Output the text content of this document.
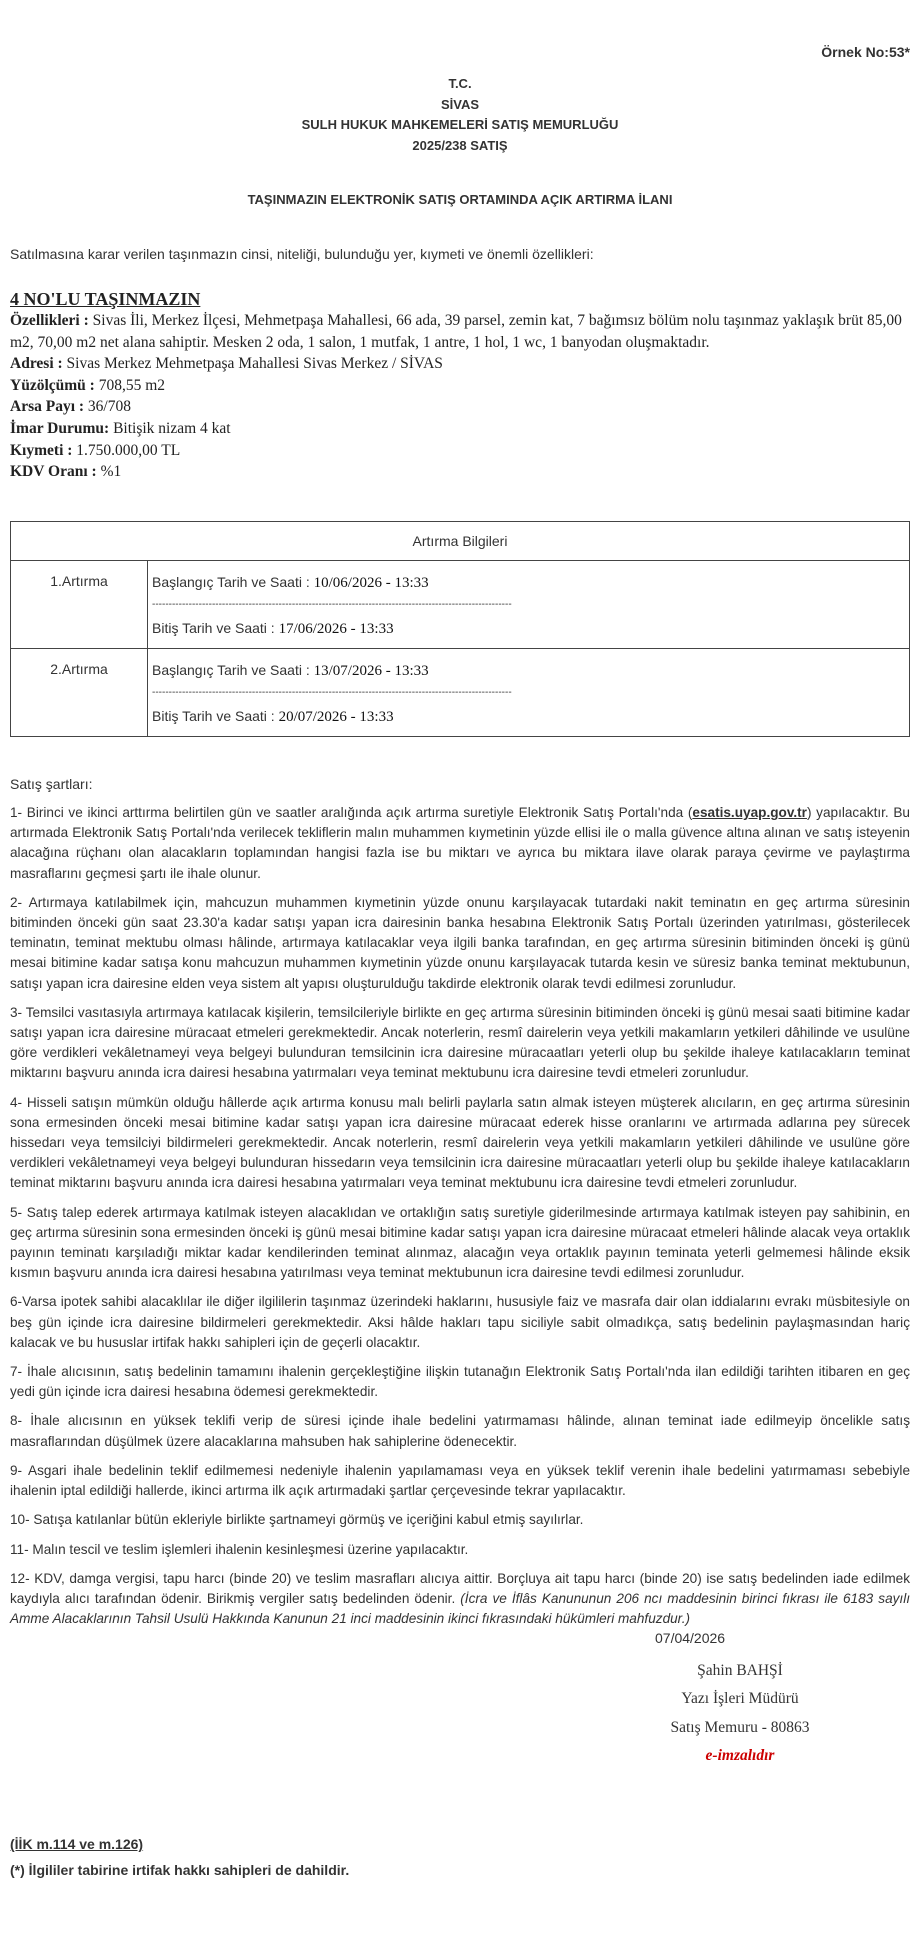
Örnek No:53*
T.C.
SİVAS
SULH HUKUK MAHKEMELERİ SATIŞ MEMURLUĞU
2025/238 SATIŞ
TAŞINMAZIN ELEKTRONİK SATIŞ ORTAMINDA AÇIK ARTIRMA İLANI
Satılmasına karar verilen taşınmazın cinsi, niteliği, bulunduğu yer, kıymeti ve önemli özellikleri:
4 NO'LU TAŞINMAZIN
Özellikleri : Sivas İli, Merkez İlçesi, Mehmetpaşa Mahallesi, 66 ada, 39 parsel, zemin kat, 7 bağımsız bölüm nolu taşınmaz yaklaşık brüt 85,00 m2, 70,00 m2 net alana sahiptir. Mesken 2 oda, 1 salon, 1 mutfak, 1 antre, 1 hol, 1 wc, 1 banyodan oluşmaktadır.
Adresi : Sivas Merkez Mehmetpaşa Mahallesi Sivas Merkez / SİVAS
Yüzölçümü : 708,55 m2
Arsa Payı : 36/708
İmar Durumu: Bitişik nizam 4 kat
Kıymeti : 1.750.000,00 TL
KDV Oranı : %1
Artırma Bilgileri	
1.Artırma	Başlangıç Tarih ve Saati : 10/06/2026 - 13:33
------------------------------------------------------------------------------------------------------------
Bitiş Tarih ve Saati : 17/06/2026 - 13:33

2.Artırma	Başlangıç Tarih ve Saati : 13/07/2026 - 13:33
------------------------------------------------------------------------------------------------------------
Bitiş Tarih ve Saati : 20/07/2026 - 13:33
Satış şartları:

1- Birinci ve ikinci arttırma belirtilen gün ve saatler aralığında açık artırma suretiyle Elektronik Satış Portalı'nda (esatis.uyap.gov.tr) yapılacaktır. Bu artırmada Elektronik Satış Portalı'nda verilecek tekliflerin malın muhammen kıymetinin yüzde ellisi ile o malla güvence altına alınan ve satış isteyenin alacağına rüçhanı olan alacakların toplamından hangisi fazla ise bu miktarı ve ayrıca bu miktara ilave olarak paraya çevirme ve paylaştırma masraflarını geçmesi şartı ile ihale olunur.

2- Artırmaya katılabilmek için, mahcuzun muhammen kıymetinin yüzde onunu karşılayacak tutardaki nakit teminatın en geç artırma süresinin bitiminden önceki gün saat 23.30'a kadar satışı yapan icra dairesinin banka hesabına Elektronik Satış Portalı üzerinden yatırılması, gösterilecek teminatın, teminat mektubu olması hâlinde, artırmaya katılacaklar veya ilgili banka tarafından, en geç artırma süresinin bitiminden önceki iş günü mesai bitimine kadar satışa konu mahcuzun muhammen kıymetinin yüzde onunu karşılayacak tutarda kesin ve süresiz banka teminat mektubunun, satışı yapan icra dairesine elden veya sistem alt yapısı oluşturulduğu takdirde elektronik olarak tevdi edilmesi zorunludur.

3- Temsilci vasıtasıyla artırmaya katılacak kişilerin, temsilcileriyle birlikte en geç artırma süresinin bitiminden önceki iş günü mesai saati bitimine kadar satışı yapan icra dairesine müracaat etmeleri gerekmektedir. Ancak noterlerin, resmî dairelerin veya yetkili makamların yetkileri dâhilinde ve usulüne göre verdikleri vekâletnameyi veya belgeyi bulunduran temsilcinin icra dairesine müracaatları yeterli olup bu şekilde ihaleye katılacakların teminat miktarını başvuru anında icra dairesi hesabına yatırmaları veya teminat mektubunu icra dairesine tevdi etmeleri zorunludur.

4- Hisseli satışın mümkün olduğu hâllerde açık artırma konusu malı belirli paylarla satın almak isteyen müşterek alıcıların, en geç artırma süresinin sona ermesinden önceki mesai bitimine kadar satışı yapan icra dairesine müracaat ederek hisse oranlarını ve artırmada adlarına pey sürecek hissedarı veya temsilciyi bildirmeleri gerekmektedir. Ancak noterlerin, resmî dairelerin veya yetkili makamların yetkileri dâhilinde ve usulüne göre verdikleri vekâletnameyi veya belgeyi bulunduran hissedarın veya temsilcinin icra dairesine müracaatları yeterli olup bu şekilde ihaleye katılacakların teminat miktarını başvuru anında icra dairesi hesabına yatırmaları veya teminat mektubunu icra dairesine tevdi etmeleri zorunludur.

5- Satış talep ederek artırmaya katılmak isteyen alacaklıdan ve ortaklığın satış suretiyle giderilmesinde artırmaya katılmak isteyen pay sahibinin, en geç artırma süresinin sona ermesinden önceki iş günü mesai bitimine kadar satışı yapan icra dairesine müracaat etmeleri hâlinde alacak veya ortaklık payının teminatı karşıladığı miktar kadar kendilerinden teminat alınmaz, alacağın veya ortaklık payının teminata yeterli gelmemesi hâlinde eksik kısmın başvuru anında icra dairesi hesabına yatırılması veya teminat mektubunun icra dairesine tevdi edilmesi zorunludur.

6-Varsa ipotek sahibi alacaklılar ile diğer ilgililerin taşınmaz üzerindeki haklarını, hususiyle faiz ve masrafa dair olan iddialarını evrakı müsbitesiyle on beş gün içinde icra dairesine bildirmeleri gerekmektedir. Aksi hâlde hakları tapu siciliyle sabit olmadıkça, satış bedelinin paylaşmasından hariç kalacak ve bu hususlar irtifak hakkı sahipleri için de geçerli olacaktır.

7- İhale alıcısının, satış bedelinin tamamını ihalenin gerçekleştiğine ilişkin tutanağın Elektronik Satış Portalı'nda ilan edildiği tarihten itibaren en geç yedi gün içinde icra dairesi hesabına ödemesi gerekmektedir.

8- İhale alıcısının en yüksek teklifi verip de süresi içinde ihale bedelini yatırmaması hâlinde, alınan teminat iade edilmeyip öncelikle satış masraflarından düşülmek üzere alacaklarına mahsuben hak sahiplerine ödenecektir.

9- Asgari ihale bedelinin teklif edilmemesi nedeniyle ihalenin yapılamaması veya en yüksek teklif verenin ihale bedelini yatırmaması sebebiyle ihalenin iptal edildiği hallerde, ikinci artırma ilk açık artırmadaki şartlar çerçevesinde tekrar yapılacaktır.

10- Satışa katılanlar bütün ekleriyle birlikte şartnameyi görmüş ve içeriğini kabul etmiş sayılırlar.

11- Malın tescil ve teslim işlemleri ihalenin kesinleşmesi üzerine yapılacaktır.

12- KDV, damga vergisi, tapu harcı (binde 20) ve teslim masrafları alıcıya aittir. Borçluya ait tapu harcı (binde 20) ise satış bedelinden iade edilmek kaydıyla alıcı tarafından ödenir. Birikmiş vergiler satış bedelinden ödenir. (İcra ve İflâs Kanununun 206 ncı maddesinin birinci fıkrası ile 6183 sayılı Amme Alacaklarının Tahsil Usulü Hakkında Kanunun 21 inci maddesinin ikinci fıkrasındaki hükümleri mahfuzdur.)

07/04/2026
Şahin BAHŞİ
Yazı İşleri Müdürü
Satış Memuru - 80863
e-imzalıdır
(İİK m.114 ve m.126)
(*) İlgililer tabirine irtifak hakkı sahipleri de dahildir.
